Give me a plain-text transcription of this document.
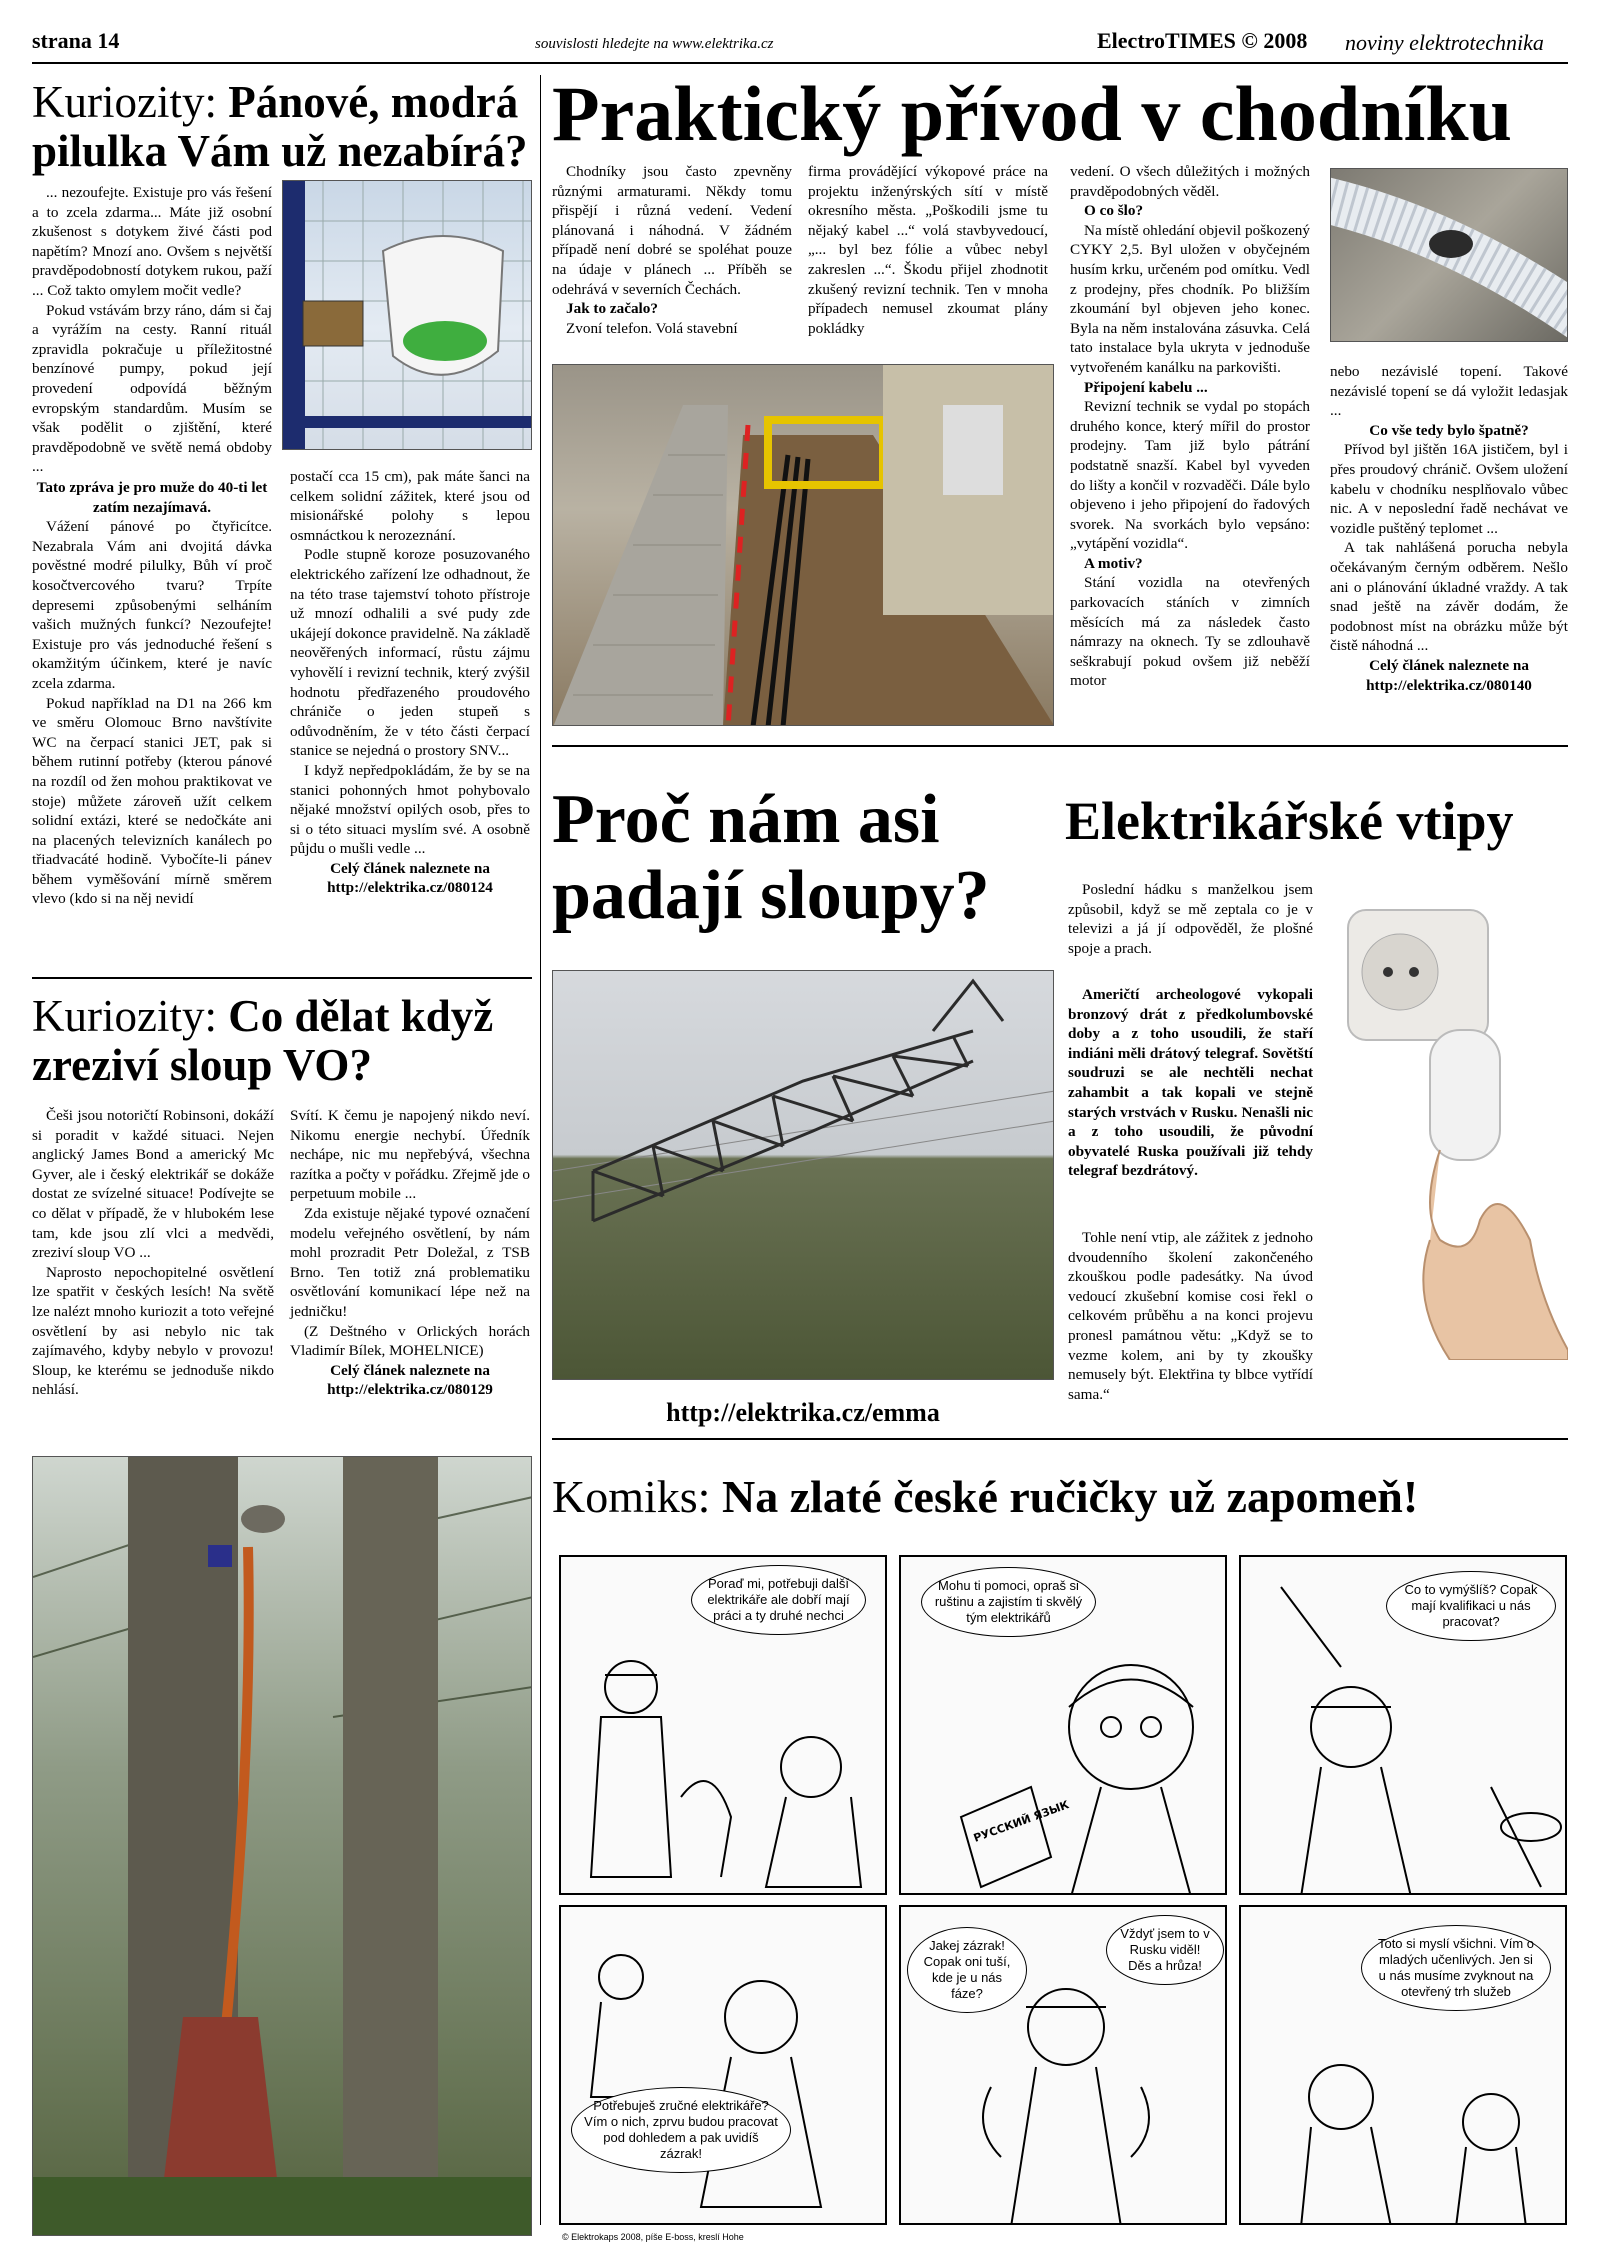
strana 14	souvislosti hledejte na www.elektrika.cz	ElectroTIMES © 2008 noviny elektrotechnika
Kuriozity: Pánové, modrá pilulka Vám už nezabírá?

... nezoufejte. Existuje pro vás řešení a to zcela zdarma... Máte již osobní zkušenost s dotykem živé části pod napětím? Mnozí ano. Ovšem s největší pravděpodobností dotykem rukou, paží ... Což takto omylem močit vedle?

Pokud vstávám brzy ráno, dám si čaj a vyrážím na cesty. Ranní rituál zpravidla pokračuje u příležitostné benzínové pumpy, pokud její provedení odpovídá běžným evropským standardům. Musím se však podělit o zjištění, které pravděpodobně ve světě nemá obdoby ...

Tato zpráva je pro muže do 40-ti let zatím nezajímavá.

Vážení pánové po čtyřicítce. Nezabrala Vám ani dvojitá dávka pověstné modré pilulky, Bůh ví proč kosočtvercového tvaru? Trpíte depresemi způsobenými selháním vašich mužných funkcí? Nezoufejte! Existuje pro vás jednoduché řešení s okamžitým účinkem, které je navíc zcela zdarma.

Pokud například na D1 na 266 km ve směru Olomouc Brno navštívite WC na čerpací stanici JET, pak si během rutinní potřeby (kterou pánové na rozdíl od žen mohou praktikovat ve stoje) můžete zároveň užít celkem solidní extázi, které se nedočkáte ani na placených televizních kanálech po třiadvacáté hodině. Vybočíte-li pánev během vyměšování mírně směrem vlevo (kdo si na něj nevidí

postačí cca 15 cm), pak máte šanci na celkem solidní zážitek, které jsou od misionářské polohy s lepou osmnáctkou k nerozeznání.

Podle stupně koroze posuzovaného elektrického zařízení lze odhadnout, že na této trase tajemství tohoto přístroje už mnozí odhalili a své pudy zde ukájejí dokonce pravidelně. Na základě neověřených informací, růstu zájmu vyhovělí i revizní technik, který zvýšil hodnotu předřazeného proudového chrániče o jeden stupeň s odůvodněním, že v této části čerpací stanice se nejedná o prostory SNV...

I když nepředpokládám, že by se na stanici pohonných hmot pohybovalo nějaké množství opilých osob, přes to si o této situaci myslím své. A osobně půjdu o mušli vedle ...

Celý článek naleznete na

http://elektrika.cz/080124

Kuriozity: Co dělat když zreziví sloup VO?

Češi jsou notoričtí Robinsoni, dokáží si poradit v každé situaci. Nejen anglický James Bond a americký Mc Gyver, ale i český elektrikář se dokáže dostat ze svízelné situace! Podívejte se co dělat v případě, že v hlubokém lese tam, kde jsou zlí vlci a medvědi, zreziví sloup VO ...

Naprosto nepochopitelné osvětlení lze spatřit v českých lesích! Na světě lze nalézt mnoho kuriozit a toto veřejné osvětlení by asi nebylo nic tak zajímavého, kdyby nebylo v provozu! Sloup, ke kterému se jednoduše nikdo nehlásí.

Svítí. K čemu je napojený nikdo neví. Nikomu energie nechybí. Úředník nechápe, nic mu nepřebývá, všechna razítka a počty v pořádku. Zřejmě jde o perpetuum mobile ...

Zda existuje nějaké typové označení modelu veřejného osvětlení, by nám mohl prozradit Petr Doležal, z TSB Brno. Ten totiž zná problematiku osvětlování komunikací lépe než na jedničku!

(Z Deštného v Orlických horách Vladimír Bílek, MOHELNICE)

Celý článek naleznete na

http://elektrika.cz/080129

Praktický přívod v chodníku

Chodníky jsou často zpevněny různými armaturami. Někdy tomu přispějí i různá vedení. Vedení plánovaná i náhodná. V žádném případě není dobré se spoléhat pouze na údaje v plánech ... Příběh se odehrává v severních Čechách.

Jak to začalo?

Zvoní telefon. Volá stavební

firma provádějící výkopové práce na projektu inženýrských sítí v místě okresního města. „Poškodili jsme tu nějaký kabel ...“ volá stavbyvedoucí, „... byl bez fólie a vůbec nebyl zakreslen ...“. Škodu přijel zhodnotit zkušený revizní technik. Ten v mnoha případech nemusel zkoumat plány pokládky

vedení. O všech důležitých i možných pravděpodobných věděl.

O co šlo?

Na místě ohledání objevil poškozený CYKY 2,5. Byl uložen v obyčejném husím krku, určeném pod omítku. Vedl z prodejny, přes chodník. Po bližším zkoumání byl objeven jeho konec. Byla na něm instalována zásuvka. Celá tato instalace byla ukryta v jednoduše vytvořeném kanálku na parkovišti.

Připojení kabelu ...

Revizní technik se vydal po stopách druhého konce, který mířil do prostor prodejny. Tam již bylo pátrání podstatně snazší. Kabel byl vyveden do lišty a končil v rozvaděči. Dále bylo objeveno i jeho připojení do řadových svorek. Na svorkách bylo vepsáno: „vytápění vozidla“.

A motiv?

Stání vozidla na otevřených parkovacích stáních v zimních měsících má za následek často námrazy na oknech. Ty se zdlouhavě seškrabují pokud ovšem již neběží motor

nebo nezávislé topení. Takové nezávislé topení se dá vyložit ledasjak ...

Co vše tedy bylo špatně?

Přívod byl jištěn 16A jističem, byl i přes proudový chránič. Ovšem uložení kabelu v chodníku nesplňovalo vůbec nic. A v neposlední řadě nechávat ve vozidle puštěný teplomet ...

A tak nahlášená porucha nebyla očekávaným černým odběrem. Nešlo ani o plánování úkladné vraždy. A tak snad ještě na závěr dodám, že podobnost míst na obrázku může být čistě náhodná ...

Celý článek naleznete na

http://elektrika.cz/080140

Proč nám asi padají sloupy?
http://elektrika.cz/emma
Elektrikářské vtipy

Poslední hádku s manželkou jsem způsobil, když se mě zeptala co je v televizi a já jí odpověděl, že plošné spoje a prach.

Američtí archeologové vykopali bronzový drát z předkolumbovské doby a z toho usoudili, že staří indiáni měli drátový telegraf. Sovětští soudruzi se ale nechtěli nechat zahambit a tak kopali ve stejně starých vrstvách v Rusku. Nenašli nic a z toho usoudili, že původní obyvatelé Ruska používali již tehdy telegraf bezdrátový.

Tohle není vtip, ale zážitek z jednoho dvoudenního školení zakončeného zkouškou podle padesátky. Na úvod vedoucí zkušební komise cosi řekl o celkovém průběhu a na konci projevu pronesl památnou větu: „Když se to vezme kolem, ani by ty zkoušky nemusely být. Elektřina ty blbce vytřídí sama.“

Komiks: Na zlaté české ručičky už zapomeň!
Poraď mi, potřebuji další elektrikáře ale dobří mají práci a ty druhé nechci
Mohu ti pomoci, opraš si ruštinu a zajistím ti skvělý tým elektrikářů
РУССКИЙ ЯЗЫК
Co to vymýšlíš? Copak mají kvalifikaci u nás pracovat?
Potřebuješ zručné elektrikáře? Vím o nich, zprvu budou pracovat pod dohledem a pak uvidíš zázrak!
Jakej zázrak! Copak oni tuší, kde je u nás fáze?
Vždyť jsem to v Rusku viděl! Děs a hrůza!
Toto si myslí všichni. Vím o mladých učenlivých. Jen si u nás musíme zvyknout na otevřený trh služeb
© Elektrokaps 2008, píše E-boss, kreslí Hohe
